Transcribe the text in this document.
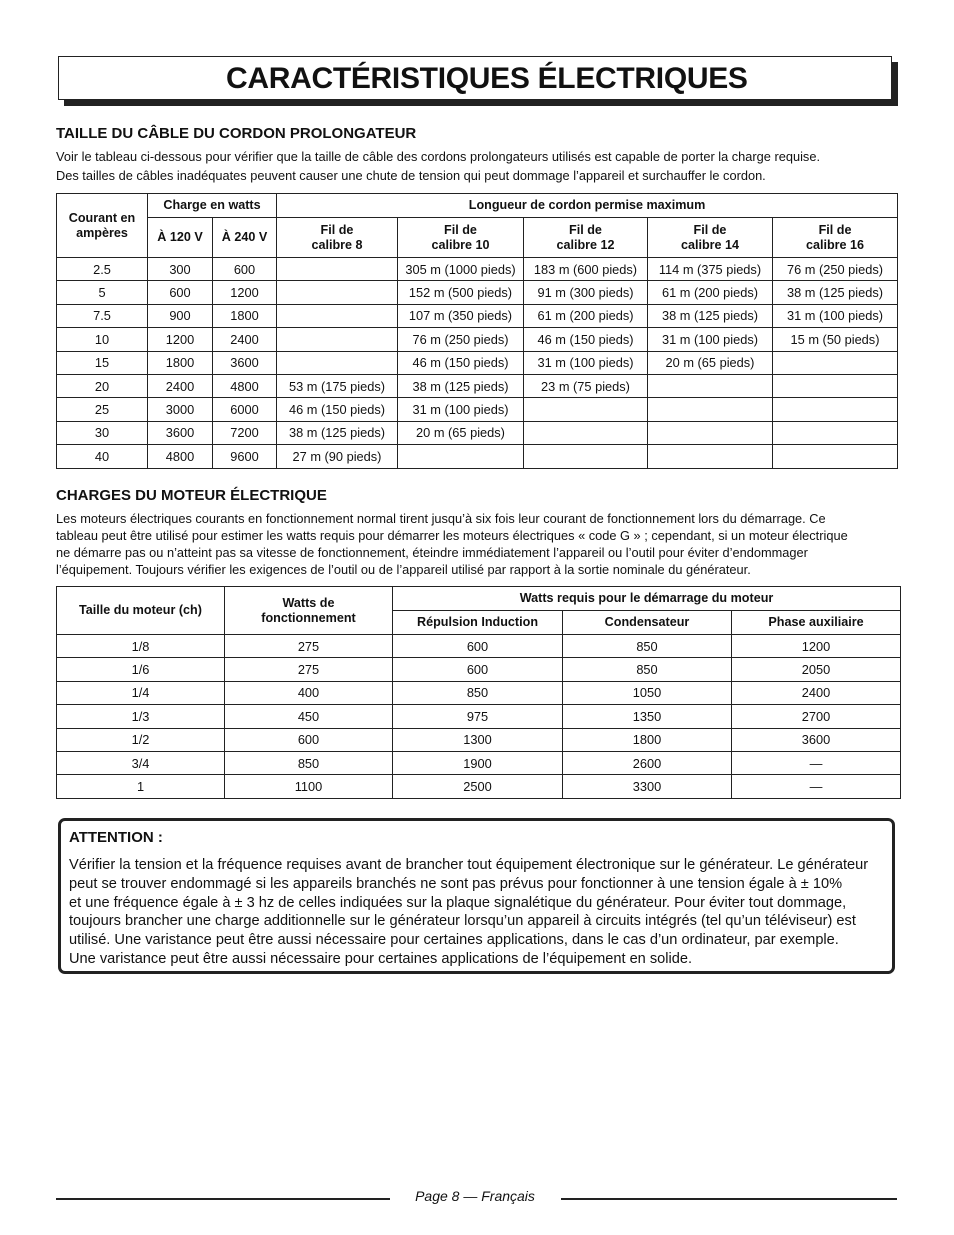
CARACTÉRISTIQUES ÉLECTRIQUES
TAILLE DU CÂBLE DU CORDON PROLONGATEUR

Voir le tableau ci-dessous pour vérifier que la taille de câble des cordons prolongateurs utilisés est capable de porter la charge requise.

Des tailles de câbles inadéquates peuvent causer une chute de tension qui peut dommage l’appareil et surchauffer le cordon.

Courant en ampères	Charge en watts		Longueur de cordon permise maximum				
	À 120 V	À 240 V	Fil de calibre 8	Fil de calibre 10	Fil de calibre 12	Fil de calibre 14	Fil de calibre 16
2.5	300	600		305 m (1000 pieds)	183 m (600 pieds)	114 m (375 pieds)	76 m (250 pieds)
5	600	1200		152 m (500 pieds)	91 m (300 pieds)	61 m (200 pieds)	38 m (125 pieds)
7.5	900	1800		107 m (350 pieds)	61 m (200 pieds)	38 m (125 pieds)	31 m (100 pieds)
10	1200	2400		76 m (250 pieds)	46 m (150 pieds)	31 m (100 pieds)	15 m (50 pieds)
15	1800	3600		46 m (150 pieds)	31 m (100 pieds)	20 m (65 pieds)	
20	2400	4800	53 m (175 pieds)	38 m (125 pieds)	23 m (75 pieds)		
25	3000	6000	46 m (150 pieds)	31 m (100 pieds)			
30	3600	7200	38 m (125 pieds)	20 m (65 pieds)			
40	4800	9600	27 m (90 pieds)				
CHARGES DU MOTEUR ÉLECTRIQUE

Les moteurs électriques courants en fonctionnement normal tirent jusqu’à six fois leur courant de fonctionnement lors du démarrage. Ce
tableau peut être utilisé pour estimer les watts requis pour démarrer les moteurs électriques « code G » ; cependant, si un moteur électrique
ne démarre pas ou n’atteint pas sa vitesse de fonctionnement, éteindre immédiatement l’appareil ou l’outil pour éviter d’endommager
l’équipement. Toujours vérifier les exigences de l’outil ou de l’appareil utilisé par rapport à la sortie nominale du générateur.

Taille du moteur (ch)	Watts de fonctionnement	Watts requis pour le démarrage du moteur		
		Répulsion Induction	Condensateur	Phase auxiliaire
1/8	275	600	850	1200
1/6	275	600	850	2050
1/4	400	850	1050	2400
1/3	450	975	1350	2700
1/2	600	1300	1800	3600
3/4	850	1900	2600	—
1	1100	2500	3300	—
ATTENTION :
Vérifier la tension et la fréquence requises avant de brancher tout équipement électronique sur le générateur. Le générateur
peut se trouver endommagé si les appareils branchés ne sont pas prévus pour fonctionner à une tension égale à ± 10%
et une fréquence égale à ± 3 hz de celles indiquées sur la plaque signalétique du générateur. Pour éviter tout dommage,
toujours brancher une charge additionnelle sur le générateur lorsqu’un appareil à circuits intégrés (tel qu’un téléviseur) est
utilisé. Une varistance peut être aussi nécessaire pour certaines applications, dans le cas d’un ordinateur, par exemple.
Une varistance peut être aussi nécessaire pour certaines applications de l’équipement en solide.
Page 8 — Français
